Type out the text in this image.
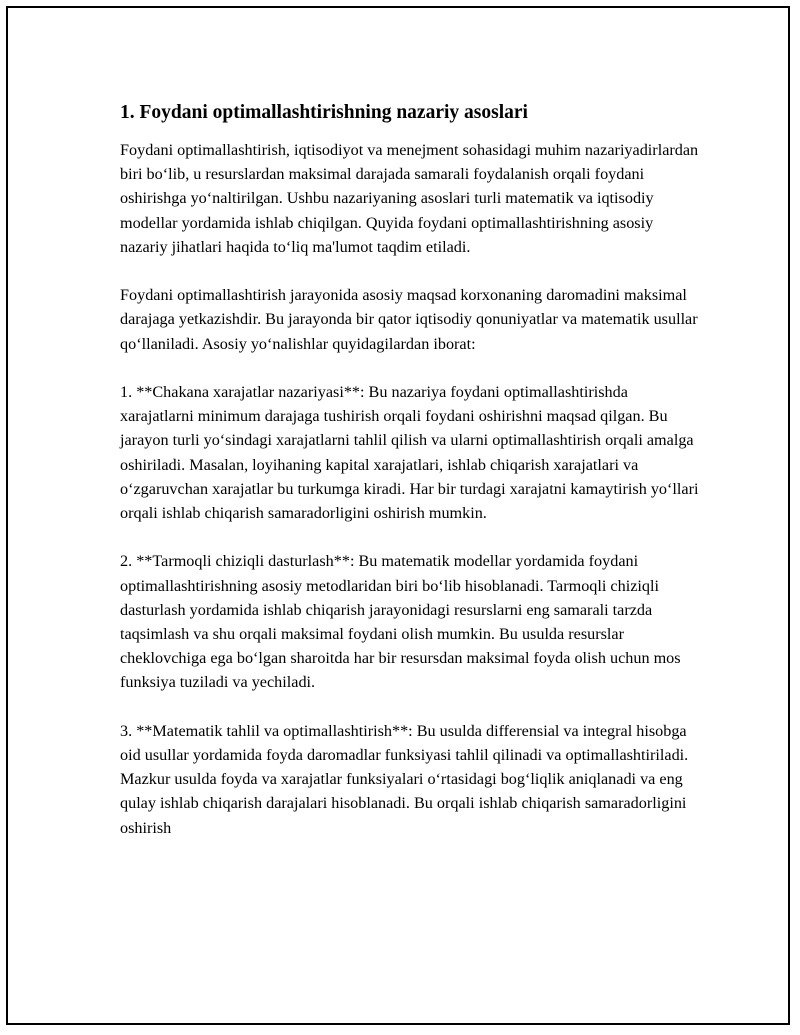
1. Foydani optimallashtirishning nazariy asoslari

Foydani optimallashtirish, iqtisodiyot va menejment sohasidagi muhim nazariyadirlardan biri bo‘lib, u resurslardan maksimal darajada samarali foydalanish orqali foydani oshirishga yo‘naltirilgan. Ushbu nazariyaning asoslari turli matematik va iqtisodiy modellar yordamida ishlab chiqilgan. Quyida foydani optimallashtirishning asosiy nazariy jihatlari haqida to‘liq ma'lumot taqdim etiladi.

Foydani optimallashtirish jarayonida asosiy maqsad korxonaning daromadini maksimal darajaga yetkazishdir. Bu jarayonda bir qator iqtisodiy qonuniyatlar va matematik usullar qo‘llaniladi. Asosiy yo‘nalishlar quyidagilardan iborat:

1. **Chakana xarajatlar nazariyasi**: Bu nazariya foydani optimallashtirishda xarajatlarni minimum darajaga tushirish orqali foydani oshirishni maqsad qilgan. Bu jarayon turli yo‘sindagi xarajatlarni tahlil qilish va ularni optimallashtirish orqali amalga oshiriladi. Masalan, loyihaning kapital xarajatlari, ishlab chiqarish xarajatlari va o‘zgaruvchan xarajatlar bu turkumga kiradi. Har bir turdagi xarajatni kamaytirish yo‘llari orqali ishlab chiqarish samaradorligini oshirish mumkin.

2. **Tarmoqli chiziqli dasturlash**: Bu matematik modellar yordamida foydani optimallashtirishning asosiy metodlaridan biri bo‘lib hisoblanadi. Tarmoqli chiziqli dasturlash yordamida ishlab chiqarish jarayonidagi resurslarni eng samarali tarzda taqsimlash va shu orqali maksimal foydani olish mumkin. Bu usulda resurslar cheklovchiga ega bo‘lgan sharoitda har bir resursdan maksimal foyda olish uchun mos funksiya tuziladi va yechiladi.

3. **Matematik tahlil va optimallashtirish**: Bu usulda differensial va integral hisobga oid usullar yordamida foyda daromadlar funksiyasi tahlil qilinadi va optimallashtiriladi. Mazkur usulda foyda va xarajatlar funksiyalari o‘rtasidagi bog‘liqlik aniqlanadi va eng qulay ishlab chiqarish darajalari hisoblanadi. Bu orqali ishlab chiqarish samaradorligini oshirish
